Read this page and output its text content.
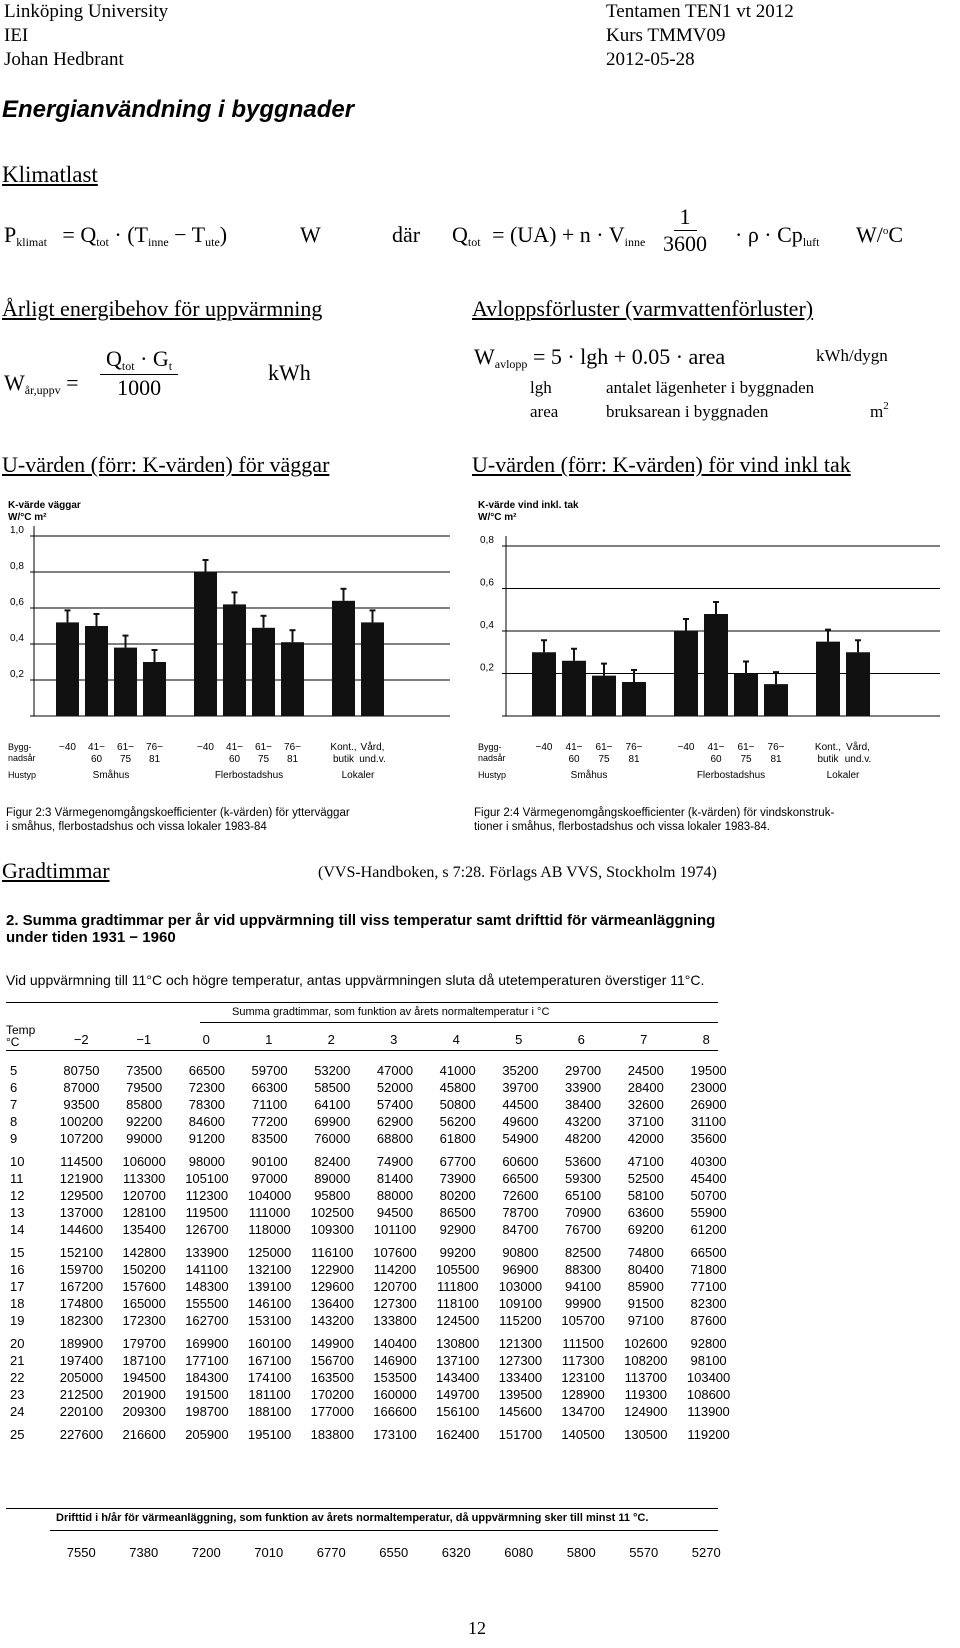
Linköping University
IEI
Johan Hedbrant
Tentamen TEN1 vt 2012
Kurs TMMV09
2012-05-28
Energianvändning i byggnader
Klimatlast
$P_{klimat} = Q_{tot} \cdot (T_{inne} - T_{ute})$	W	där $Q_{tot} = (UA) + n \cdot V_{inne} \frac{1}{3600} \cdot \rho \cdot Cp_{luft}$ W/$^o$C
Årligt energibehov för uppvärmning
$W_{år,uppv} = \frac{Q_{tot} \cdot G_t}{1000}$	kWh
Avloppsförluster (varmvattenförluster)
$W_{avlopp} = 5 \cdot \lg h + 0.05$ · area	kWh/dygn
lgh	antalet lägenheter i byggnaden
area	bruksarean i byggnaden	$m^2$
U-värden (förr: K-värden) för väggar	U-värden (förr: K-värden) för vind inkl tak
K-värde väggar
W/°C m²
1,0
0,8
0,6
0,4
0,2
Bygg-
nadsår
−40 41−
60
61−
75
76−
81
−40 41−
60
61−
75
76−
81
Kont.,
butik
Vård,
und.v.
Hustyp	Småhus	Flerbostadshus	Lokaler
Figur 2:3 Värmegenomgångskoefficienter (k-värden) för ytterväggar
i småhus, flerbostadshus och vissa lokaler 1983-84
K-värde vind inkl. tak
W/°C m²
0,8
0,6
0,4
0,2
Bygg-
nadsår
−40 41−
60
61−
75
76−
81
−40 41−
60
61−
75
76−
81
Kont.,
butik
Vård,
und.v.
Hustyp	Småhus	Flerbostadshus	Lokaler
Figur 2:4 Värmegenomgångskoefficienter (k-värden) för vindskonstruk-
tioner i småhus, flerbostadshus och vissa lokaler 1983-84.
Gradtimmar	(VVS-Handboken, s 7:28. Förlags AB VVS, Stockholm 1974)
2. Summa gradtimmar per år vid uppvärmning till viss temperatur samt drifttid för värmeanläggning
under tiden 1931 − 1960
Vid uppvärmning till 11°C och högre temperatur, antas uppvärmningen sluta då utetemperaturen överstiger 11°C.
Summa gradtimmar, som funktion av årets normaltemperatur i °C
Temp
°C	−2	−1	0	1	2	3	4	5	6	7	8
5	80750	73500	66500	59700	53200	47000	41000	35200	29700	24500	19500
6	87000	79500	72300	66300	58500	52000	45800	39700	33900	28400	23000
7	93500	85800	78300	71100	64100	57400	50800	44500	38400	32600	26900
8	100200	92200	84600	77200	69900	62900	56200	49600	43200	37100	31100
9	107200	99000	91200	83500	76000	68800	61800	54900	48200	42000	35600
10	114500	106000	98000	90100	82400	74900	67700	60600	53600	47100	40300
11	121900	113300	105100	97000	89000	81400	73900	66500	59300	52500	45400
12	129500	120700	112300	104000	95800	88000	80200	72600	65100	58100	50700
13	137000	128100	119500	111000	102500	94500	86500	78700	70900	63600	55900
14	144600	135400	126700	118000	109300	101100	92900	84700	76700	69200	61200
15	152100	142800	133900	125000	116100	107600	99200	90800	82500	74800	66500
16	159700	150200	141100	132100	122900	114200	105500	96900	88300	80400	71800
17	167200	157600	148300	139100	129600	120700	111800	103000	94100	85900	77100
18	174800	165000	155500	146100	136400	127300	118100	109100	99900	91500	82300
19	182300	172300	162700	153100	143200	133800	124500	115200	105700	97100	87600
20	189900	179700	169900	160100	149900	140400	130800	121300	111500	102600	92800
21	197400	187100	177100	167100	156700	146900	137100	127300	117300	108200	98100
22	205000	194500	184300	174100	163500	153500	143400	133400	123100	113700	103400
23	212500	201900	191500	181100	170200	160000	149700	139500	128900	119300	108600
24	220100	209300	198700	188100	177000	166600	156100	145600	134700	124900	113900
25	227600	216600	205900	195100	183800	173100	162400	151700	140500	130500	119200
Drifttid i h/år för värmeanläggning, som funktion av årets normaltemperatur, då uppvärmning sker till minst 11 °C.
7550	7380	7200	7010	6770	6550	6320	6080	5800	5570	5270
12
